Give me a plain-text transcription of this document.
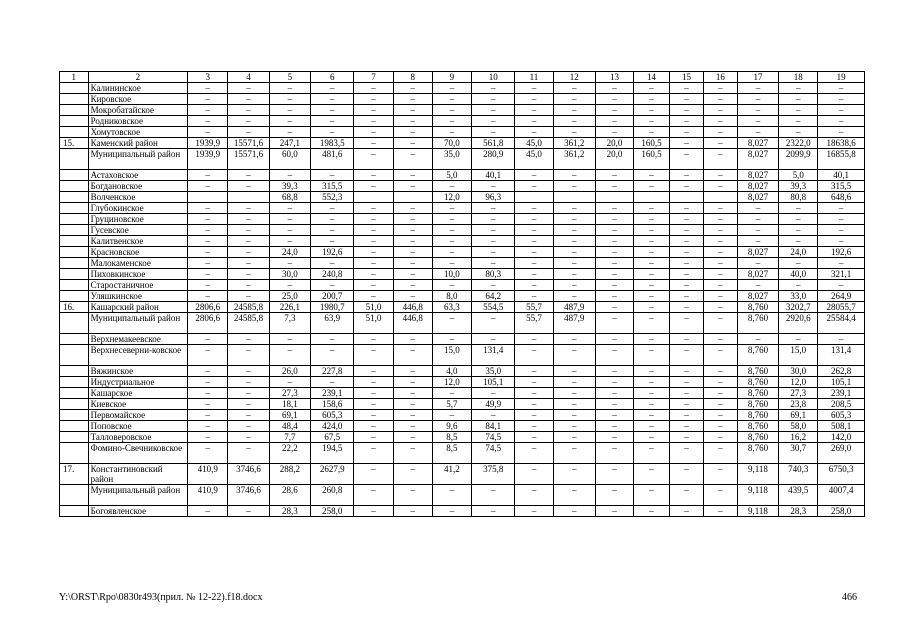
1	2	3	4	5	6	7	8	9	10	11	12	13	14	15	16	17	18	19
	Калининское	–	–	–	–	–	–	–	–	–	–	–	–	–	–	–	–	–
	Кировское	–	–	–	–	–	–	–	–	–	–	–	–	–	–	–	–	–
	Мокробатайское	–	–	–	–	–	–	–	–	–	–	–	–	–	–	–	–	–
	Родниковское	–	–	–	–	–	–	–	–	–	–	–	–	–	–	–	–	–
	Хомутовское	–	–	–	–	–	–	–	–	–	–	–	–	–	–	–	–	–
15.	Каменский район	1939,9	15571,6	247,1	1983,5	–	–	70,0	561,8	45,0	361,2	20,0	160,5	–	–	8,027	2322,0	18638,6
	Муниципальный район	1939,9	15571,6	60,0	481,6	–	–	35,0	280,9	45,0	361,2	20,0	160,5	–	–	8,027	2099,9	16855,8
	Астаховское	–	–	–	–	–	–	5,0	40,1	–	–	–	–	–	–	8,027	5,0	40,1
	Богдановское	–	–	39,3	315,5	–	–	–	–	–	–	–	–	–	–	8,027	39,3	315,5
	Волченское			68,8	552,3			12,0	96,3							8,027	80,8	648,6
	Глубокинское	–	–	–	–	–	–	–	–	–	–	–	–	–	–	–	–	–
	Груциновское	–	–	–	–	–	–	–	–	–	–	–	–	–	–	–	–	–
	Гусевское	–	–	–	–	–	–	–	–	–	–	–	–	–	–	–	–	–
	Калитвенское	–	–	–	–	–	–	–	–	–	–	–	–	–	–	–	–	–
	Красновское	–	–	24,0	192,6	–	–	–	–	–	–	–	–	–	–	8,027	24,0	192,6
	Малокаменское	–	–	–	–	–	–	–	–	–	–	–	–	–	–	–	–	–
	Пиховкинское	–	–	30,0	240,8	–	–	10,0	80,3	–	–	–	–	–	–	8,027	40,0	321,1
	Старостаничное	–	–	–	–	–	–	–	–	–	–	–	–	–	–	–	–	–
	Уляшкинское	–	–	25,0	200,7	–	–	8,0	64,2	–	–	–	–	–	–	8,027	33,0	264,9
16.	Кашарский район	2806,6	24585,8	226,1	1980,7	51,0	446,8	63,3	554,5	55,7	487,9	–	–	–	–	8,760	3202,7	28055,7
	Муниципальный район	2806,6	24585,8	7,3	63,9	51,0	446,8	–	–	55,7	487,9	–	–	–	–	8,760	2920,6	25584,4
	Верхнемакеевское	–	–	–	–	–	–	–	–	–	–	–	–	–	–	–	–	–
	Верхнесеверни-ковское	–	–	–	–	–	–	15,0	131,4	–	–	–	–	–	–	8,760	15,0	131,4
	Вяжинское	–	–	26,0	227,8	–	–	4,0	35,0	–	–	–	–	–	–	8,760	30,0	262,8
	Индустриальное	–	–	–	–	–	–	12,0	105,1	–	–	–	–	–	–	8,760	12,0	105,1
	Кашарское	–	–	27,3	239,1	–	–	–	–	–	–	–	–	–	–	8,760	27,3	239,1
	Киевское	–	–	18,1	158,6	–	–	5,7	49,9	–	–	–	–	–	–	8,760	23,8	208,5
	Первомайское	–	–	69,1	605,3	–	–	–	–	–	–	–	–	–	–	8,760	69,1	605,3
	Поповское	–	–	48,4	424,0	–	–	9,6	84,1	–	–	–	–	–	–	8,760	58,0	508,1
	Талловеровское	–	–	7,7	67,5	–	–	8,5	74,5	–	–	–	–	–	–	8,760	16,2	142,0
	Фомино-Свечниковское	–	–	22,2	194,5	–	–	8,5	74,5	–	–	–	–	–	–	8,760	30,7	269,0
17.	Константиновский район	410,9	3746,6	288,2	2627,9	–	–	41,2	375,8	–	–	–	–	–	–	9,118	740,3	6750,3
	Муниципальный район	410,9	3746,6	28,6	260,8	–	–	–	–	–	–	–	–	–	–	9,118	439,5	4007,4
	Богоявленское	–	–	28,3	258,0	–	–	–	–	–	–	–	–	–	–	9,118	28,3	258,0
Y:\ORST\Rpo\0830r493(прил. № 12-22).f18.docx	466
